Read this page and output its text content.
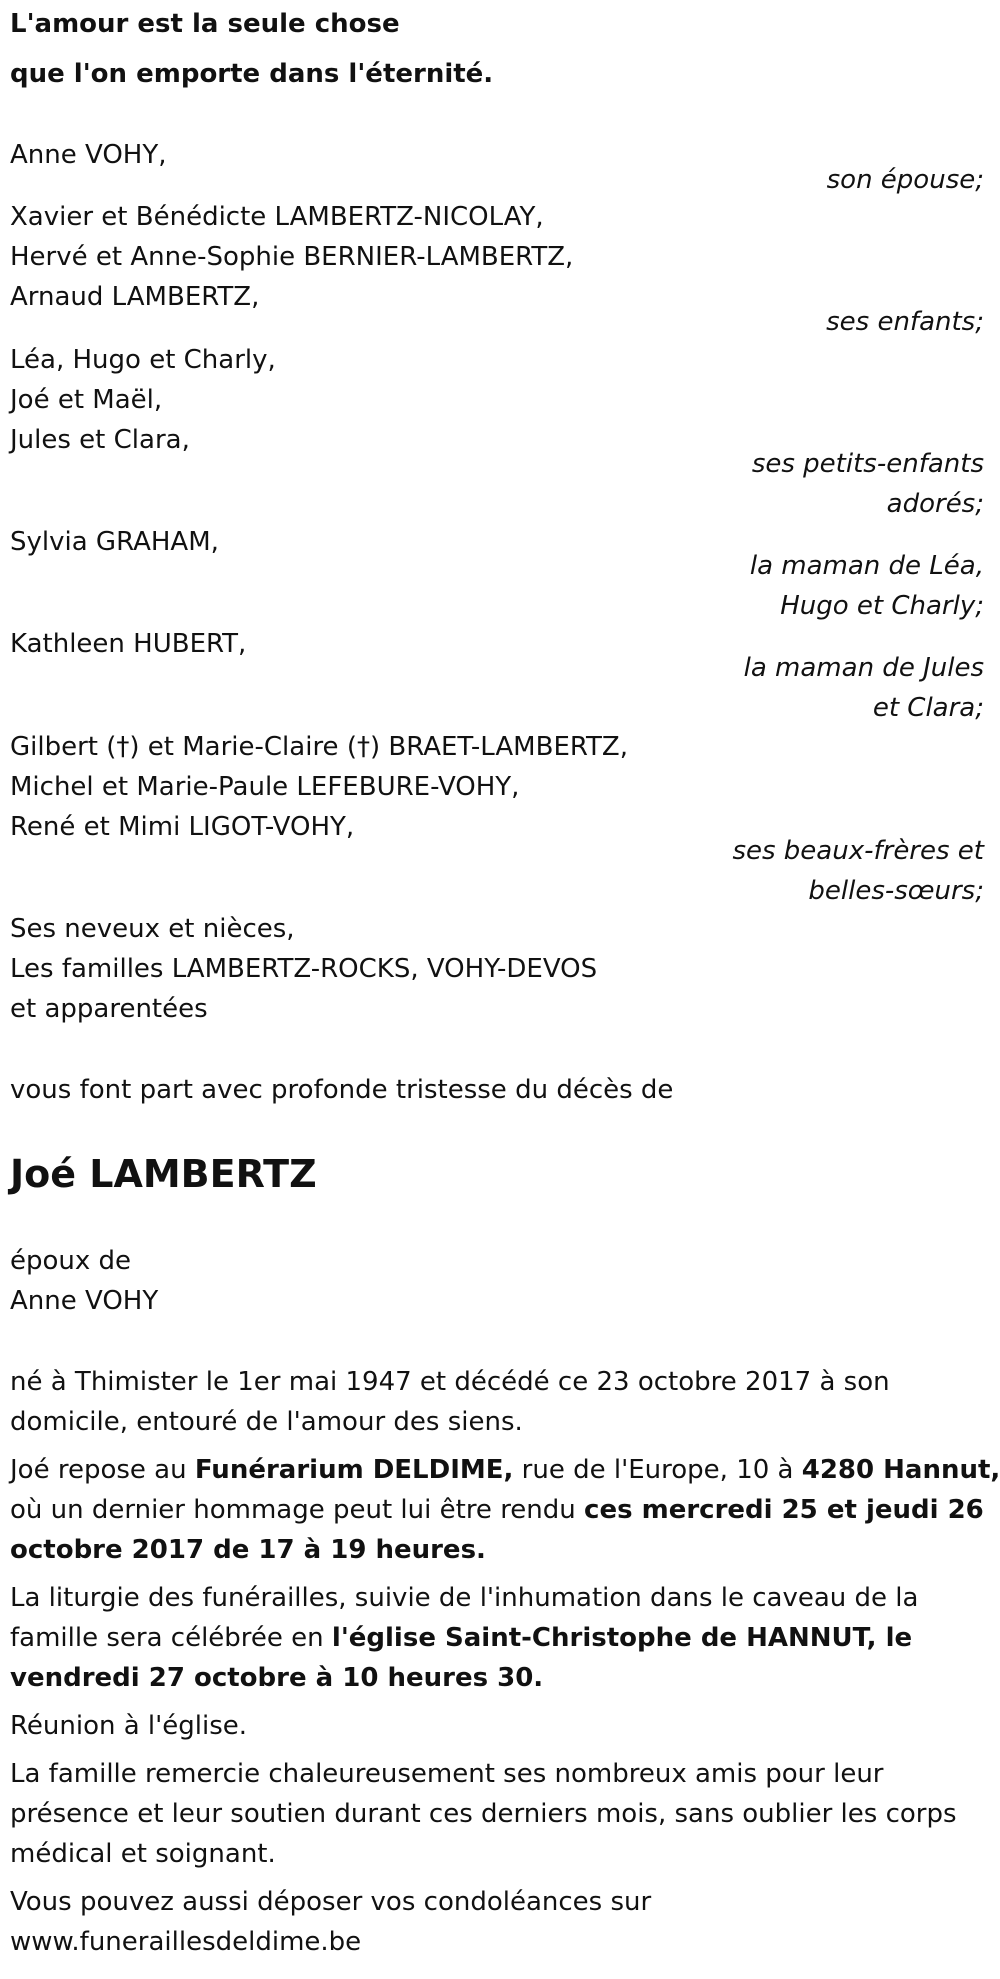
L'amour est la seule chose

que l'on emporte dans l'éternité.

Anne VOHY,

son épouse;

Xavier et Bénédicte LAMBERTZ-NICOLAY,

Hervé et Anne-Sophie BERNIER-LAMBERTZ,

Arnaud LAMBERTZ,

ses enfants;

Léa, Hugo et Charly,

Joé et Maël,

Jules et Clara,

ses petits-enfants

adorés;

Sylvia GRAHAM,

la maman de Léa,

Hugo et Charly;

Kathleen HUBERT,

la maman de Jules

et Clara;

Gilbert (†) et Marie-Claire (†) BRAET-LAMBERTZ,

Michel et Marie-Paule LEFEBURE-VOHY,

René et Mimi LIGOT-VOHY,

ses beaux-frères et

belles-sœurs;

Ses neveux et nièces,

Les familles LAMBERTZ-ROCKS, VOHY-DEVOS

et apparentées

vous font part avec profonde tristesse du décès de

Joé LAMBERTZ

époux de

Anne VOHY

né à Thimister le 1er mai 1947 et décédé ce 23 octobre 2017 à son

domicile, entouré de l'amour des siens.

Joé repose au Funérarium DELDIME, rue de l'Europe, 10 à 4280 Hannut,

où un dernier hommage peut lui être rendu ces mercredi 25 et jeudi 26

octobre 2017 de 17 à 19 heures.

La liturgie des funérailles, suivie de l'inhumation dans le caveau de la

famille sera célébrée en l'église Saint-Christophe de HANNUT, le

vendredi 27 octobre à 10 heures 30.

Réunion à l'église.

La famille remercie chaleureusement ses nombreux amis pour leur

présence et leur soutien durant ces derniers mois, sans oublier les corps

médical et soignant.

Vous pouvez aussi déposer vos condoléances sur

www.funeraillesdeldime.be
